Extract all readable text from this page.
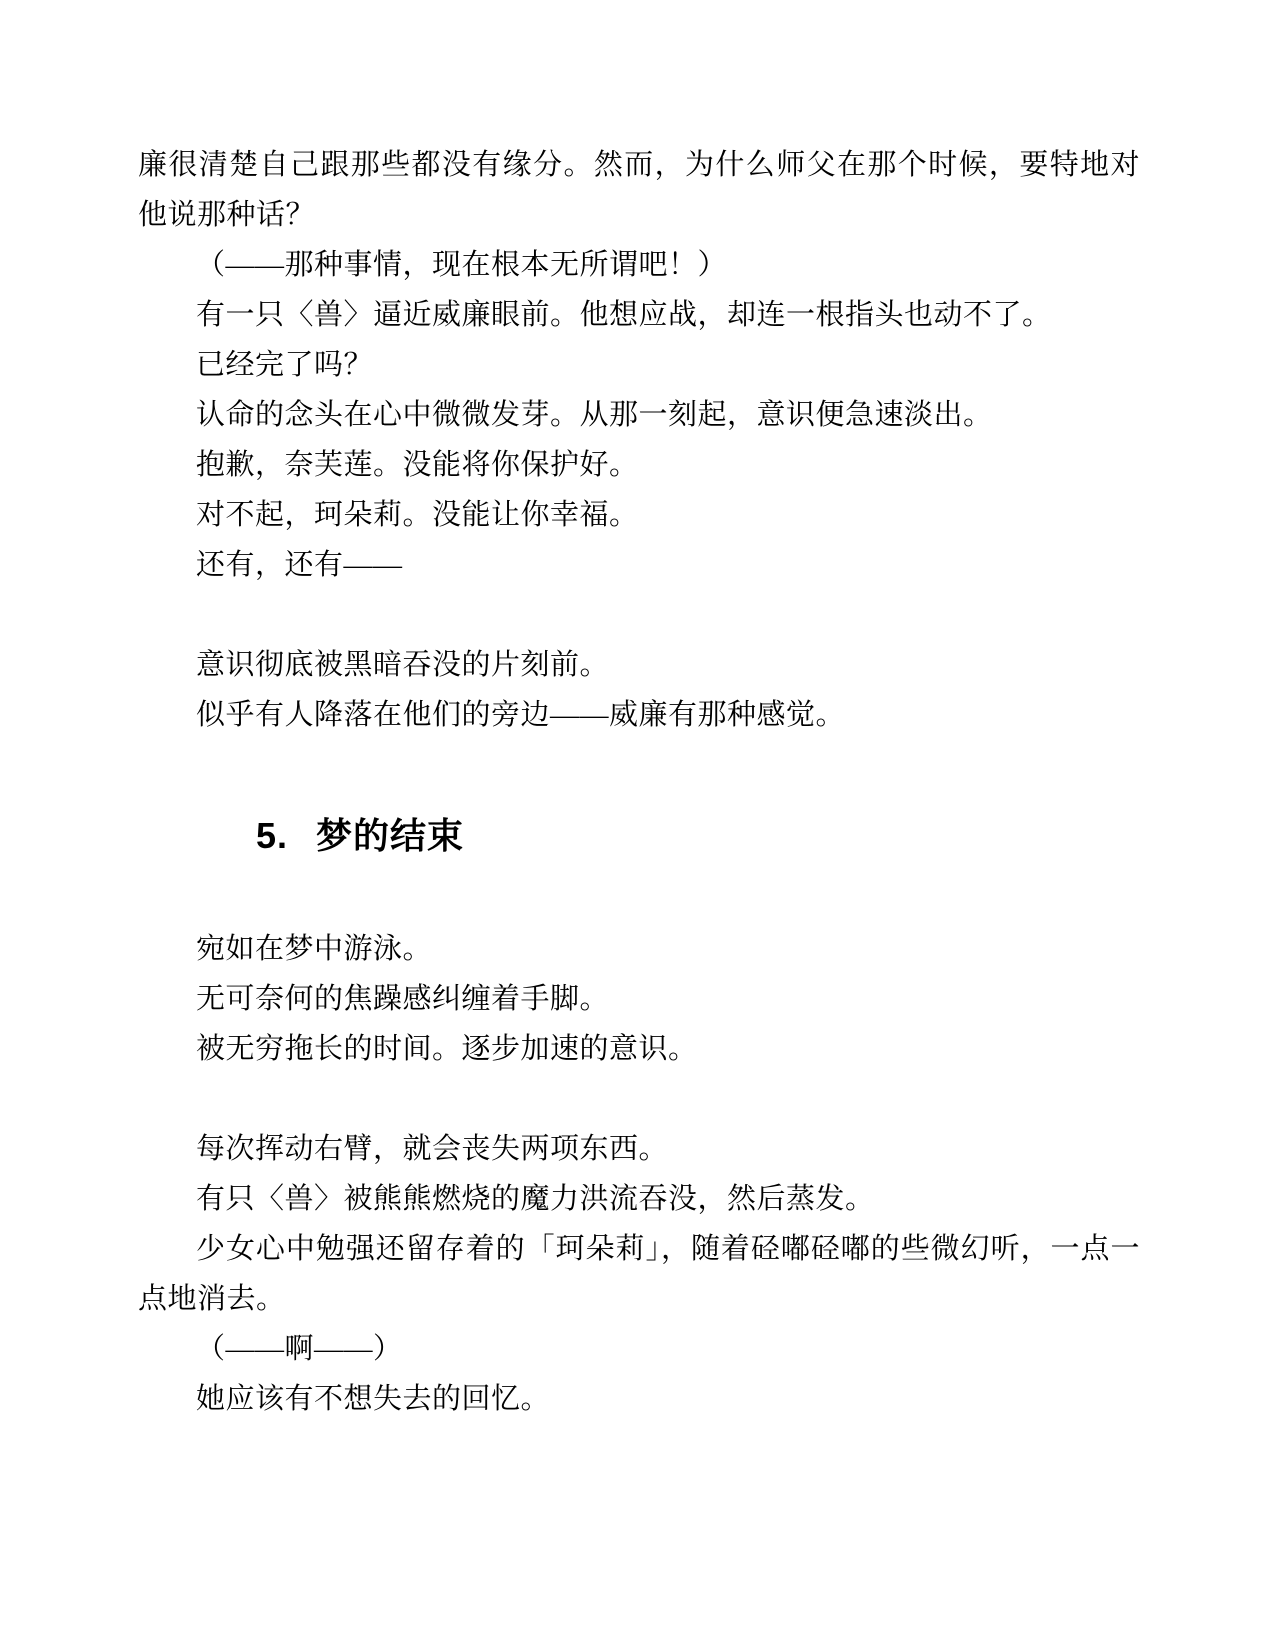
廉很清楚自己跟那些都没有缘分。然而，为什么师父在那个时候，要特地对他说那种话？

（——那种事情，现在根本无所谓吧！）

有一只〈兽〉逼近威廉眼前。他想应战，却连一根指头也动不了。

已经完了吗？

认命的念头在心中微微发芽。从那一刻起，意识便急速淡出。

抱歉，奈芙莲。没能将你保护好。

对不起，珂朵莉。没能让你幸福。

还有，还有——

意识彻底被黑暗吞没的片刻前。

似乎有人降落在他们的旁边——威廉有那种感觉。

5. 梦的结束

宛如在梦中游泳。

无可奈何的焦躁感纠缠着手脚。

被无穷拖长的时间。逐步加速的意识。

每次挥动右臂，就会丧失两项东西。

有只〈兽〉被熊熊燃烧的魔力洪流吞没，然后蒸发。

少女心中勉强还留存着的「珂朵莉」，随着硁嘟硁嘟的些微幻听，一点一点地消去。

（——啊——）

她应该有不想失去的回忆。
